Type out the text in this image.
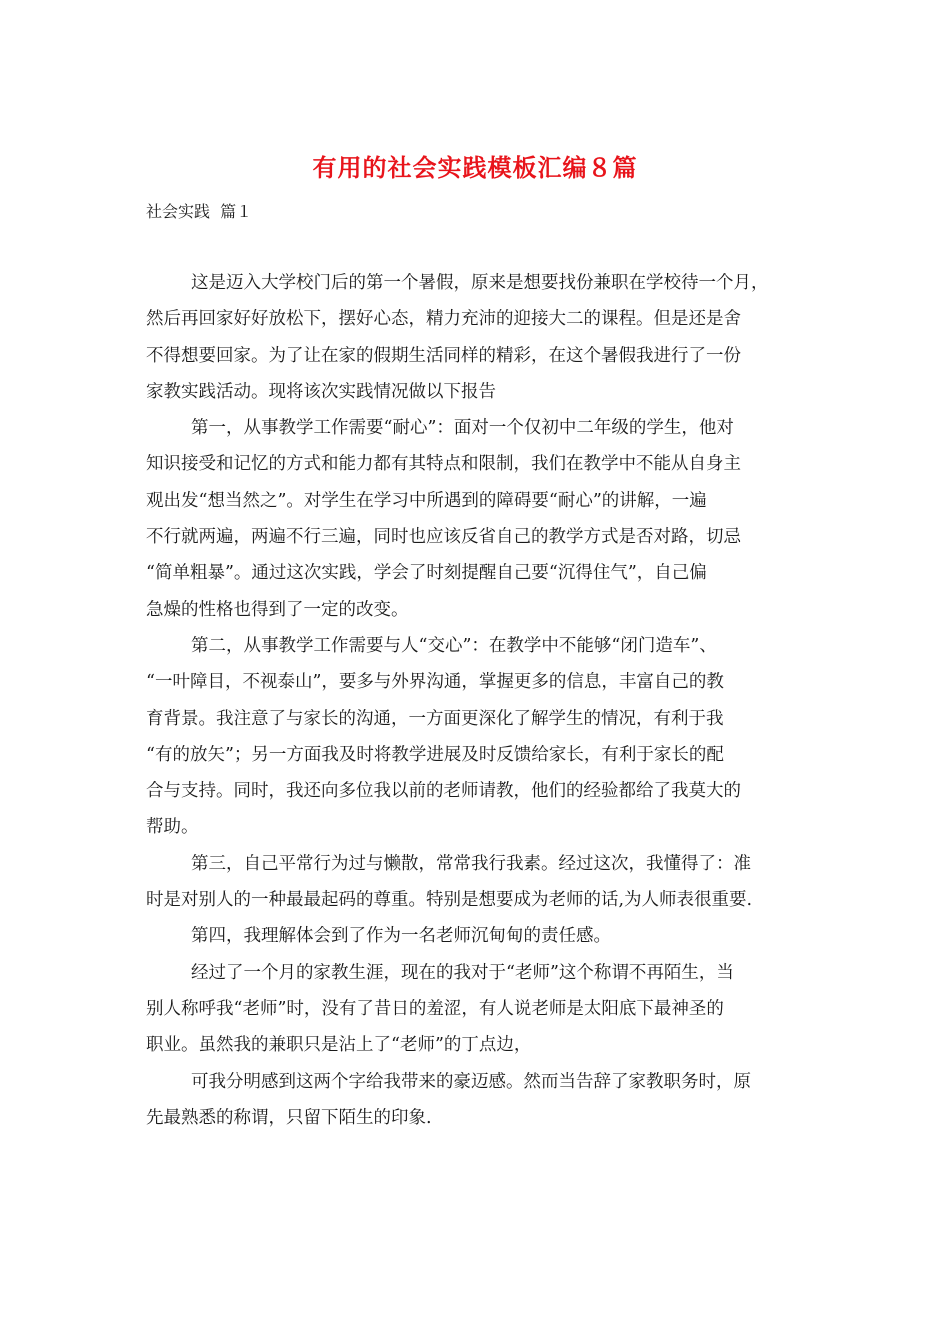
有用的社会实践模板汇编８篇
社会实践  篇１
这是迈入大学校门后的第一个暑假，原来是想要找份兼职在学校待一个月，
然后再回家好好放松下，摆好心态，精力充沛的迎接大二的课程。但是还是舍
不得想要回家。为了让在家的假期生活同样的精彩，在这个暑假我进行了一份
家教实践活动。现将该次实践情况做以下报告
第一，从事教学工作需要“耐心”：面对一个仅初中二年级的学生，他对
知识接受和记忆的方式和能力都有其特点和限制，我们在教学中不能从自身主
观出发“想当然之”。对学生在学习中所遇到的障碍要“耐心”的讲解，一遍
不行就两遍，两遍不行三遍，同时也应该反省自己的教学方式是否对路，切忌
“简单粗暴”。通过这次实践，学会了时刻提醒自己要“沉得住气”，自己偏
急燥的性格也得到了一定的改变。
第二，从事教学工作需要与人“交心”：在教学中不能够“闭门造车”、
“一叶障目，不视泰山”，要多与外界沟通，掌握更多的信息，丰富自己的教
育背景。我注意了与家长的沟通，一方面更深化了解学生的情况，有利于我
“有的放矢”；另一方面我及时将教学进展及时反馈给家长，有利于家长的配
合与支持。同时，我还向多位我以前的老师请教，他们的经验都给了我莫大的
帮助。
第三，自己平常行为过与懒散，常常我行我素。经过这次，我懂得了：准
时是对别人的一种最最起码的尊重。特别是想要成为老师的话,为人师表很重要.
第四，我理解体会到了作为一名老师沉甸甸的责任感。
经过了一个月的家教生涯，现在的我对于“老师”这个称谓不再陌生，当
别人称呼我“老师”时，没有了昔日的羞涩，有人说老师是太阳底下最神圣的
职业。虽然我的兼职只是沾上了“老师”的丁点边，
可我分明感到这两个字给我带来的豪迈感。然而当告辞了家教职务时，原
先最熟悉的称谓，只留下陌生的印象.
